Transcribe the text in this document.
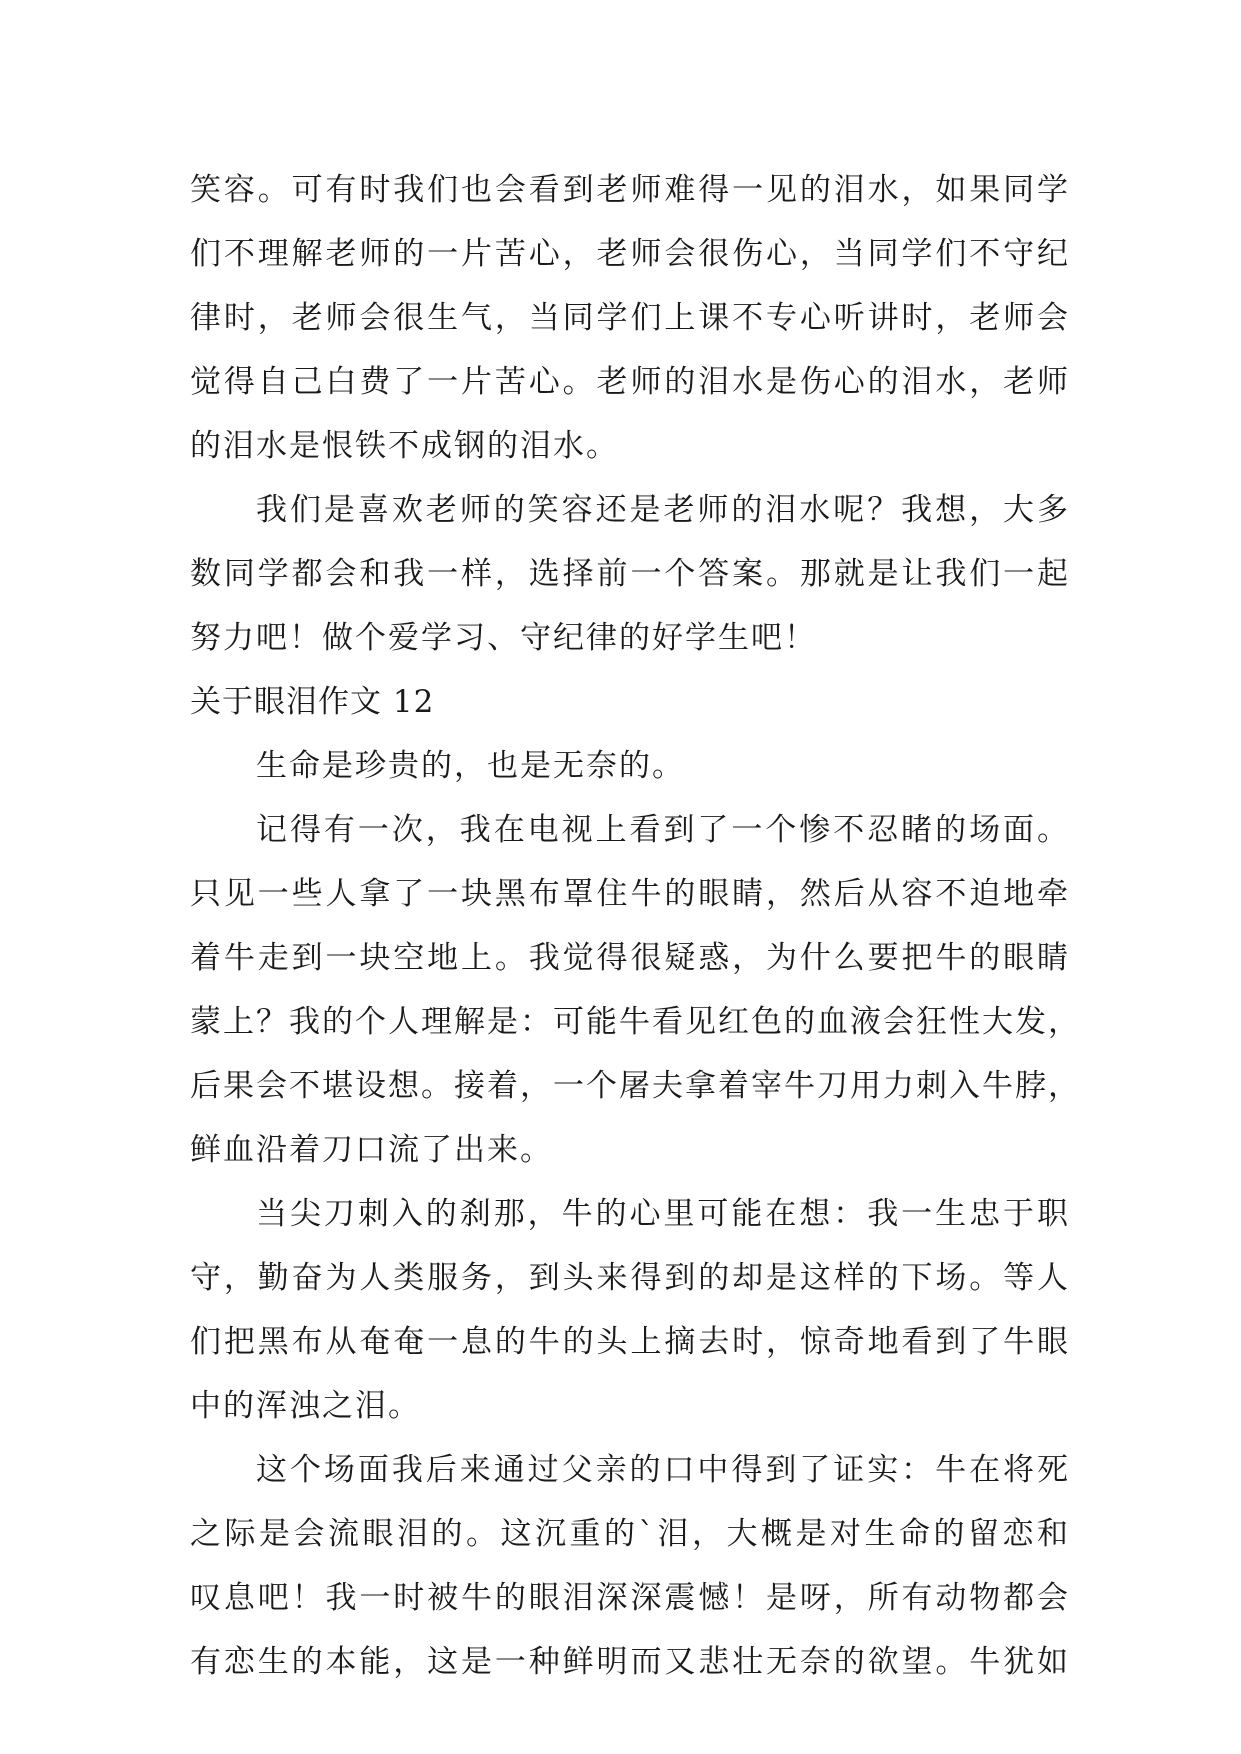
笑容。可有时我们也会看到老师难得一见的泪水，如果同学
们不理解老师的一片苦心，老师会很伤心，当同学们不守纪
律时，老师会很生气，当同学们上课不专心听讲时，老师会
觉得自己白费了一片苦心。老师的泪水是伤心的泪水，老师
的泪水是恨铁不成钢的泪水。
我们是喜欢老师的笑容还是老师的泪水呢？我想，大多
数同学都会和我一样，选择前一个答案。那就是让我们一起
努力吧！做个爱学习、守纪律的好学生吧！
关于眼泪作文 12
生命是珍贵的，也是无奈的。
记得有一次，我在电视上看到了一个惨不忍睹的场面。
只见一些人拿了一块黑布罩住牛的眼睛，然后从容不迫地牵
着牛走到一块空地上。我觉得很疑惑，为什么要把牛的眼睛
蒙上？我的个人理解是：可能牛看见红色的血液会狂性大发，
后果会不堪设想。接着，一个屠夫拿着宰牛刀用力刺入牛脖，
鲜血沿着刀口流了出来。
当尖刀刺入的刹那，牛的心里可能在想：我一生忠于职
守，勤奋为人类服务，到头来得到的却是这样的下场。等人
们把黑布从奄奄一息的牛的头上摘去时，惊奇地看到了牛眼
中的浑浊之泪。
这个场面我后来通过父亲的口中得到了证实：牛在将死
之际是会流眼泪的。这沉重的`泪，大概是对生命的留恋和
叹息吧！我一时被牛的眼泪深深震憾！是呀，所有动物都会
有恋生的本能，这是一种鲜明而又悲壮无奈的欲望。牛犹如
